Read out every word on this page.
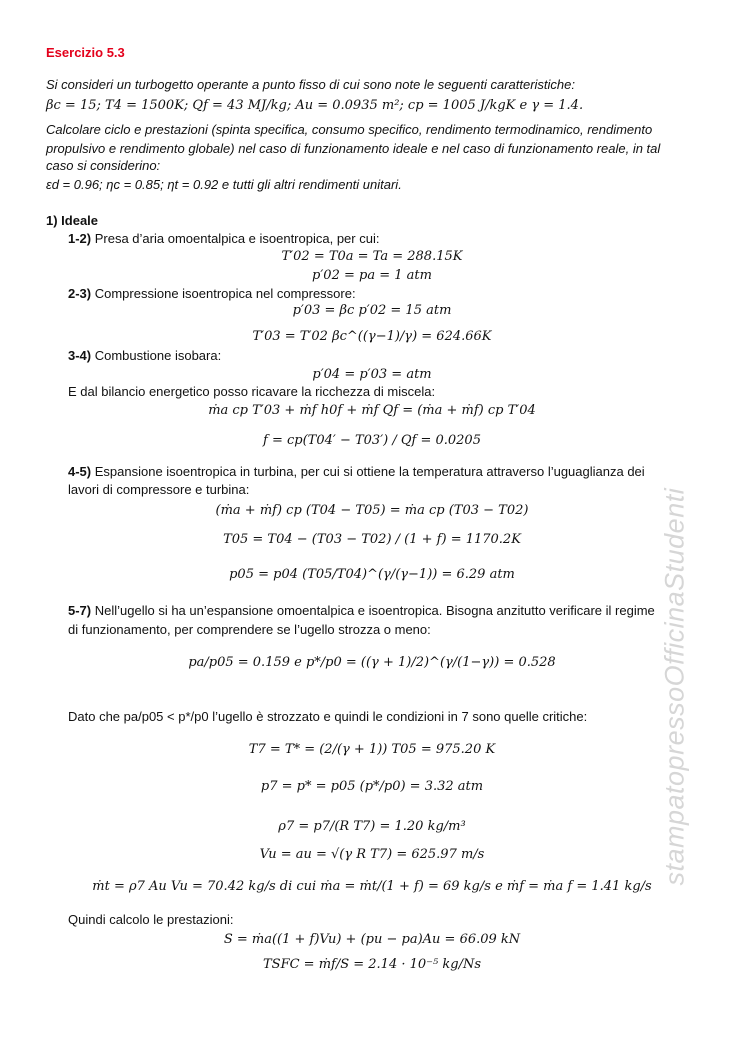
Esercizio 5.3
Si consideri un turbogetto operante a punto fisso di cui sono note le seguenti caratteristiche:
βc = 15; T4 = 1500K; Qf = 43 MJ/kg; Au = 0.0935 m²; cp = 1005 J/kgK e γ = 1.4.
Calcolare ciclo e prestazioni (spinta specifica, consumo specifico, rendimento termodinamico, rendimento
propulsivo e rendimento globale) nel caso di funzionamento ideale e nel caso di funzionamento reale, in tal
caso si considerino:
εd = 0.96; ηc = 0.85; ηt = 0.92 e tutti gli altri rendimenti unitari.
1) Ideale
1-2) Presa d’aria omoentalpica e isoentropica, per cui:
T′02 = T0a = Ta = 288.15K
p′02 = pa = 1 atm
2-3) Compressione isoentropica nel compressore:
p′03 = βc p′02 = 15 atm
T′03 = T′02 βc^((γ−1)/γ) = 624.66K
3-4) Combustione isobara:
p′04 = p′03 = atm
E dal bilancio energetico posso ricavare la ricchezza di miscela:
ṁa cp T′03 + ṁf h0f + ṁf Qf = (ṁa + ṁf) cp T′04
f = cp(T04′ − T03′) / Qf = 0.0205
4-5) Espansione isoentropica in turbina, per cui si ottiene la temperatura attraverso l’uguaglianza dei
lavori di compressore e turbina:
(ṁa + ṁf) cp (T04 − T05) = ṁa cp (T03 − T02)
T05 = T04 − (T03 − T02) / (1 + f) = 1170.2K
p05 = p04 (T05/T04)^(γ/(γ−1)) = 6.29 atm
5-7) Nell’ugello si ha un’espansione omoentalpica e isoentropica. Bisogna anzitutto verificare il regime
di funzionamento, per comprendere se l’ugello strozza o meno:
pa/p05 = 0.159 e p*/p0 = ((γ + 1)/2)^(γ/(1−γ)) = 0.528
Dato che pa/p05 < p*/p0 l’ugello è strozzato e quindi le condizioni in 7 sono quelle critiche:
T7 = T* = (2/(γ + 1)) T05 = 975.20 K
p7 = p* = p05 (p*/p0) = 3.32 atm
ρ7 = p7/(R T7) = 1.20 kg/m³
Vu = au = √(γ R T7) = 625.97 m/s
ṁt = ρ7 Au Vu = 70.42 kg/s di cui ṁa = ṁt/(1 + f) = 69 kg/s e ṁf = ṁa f = 1.41 kg/s
Quindi calcolo le prestazioni:
S = ṁa((1 + f)Vu) + (pu − pa)Au = 66.09 kN
TSFC = ṁf/S = 2.14 · 10⁻⁵ kg/Ns
stampatopressoOfficinaStudenti
